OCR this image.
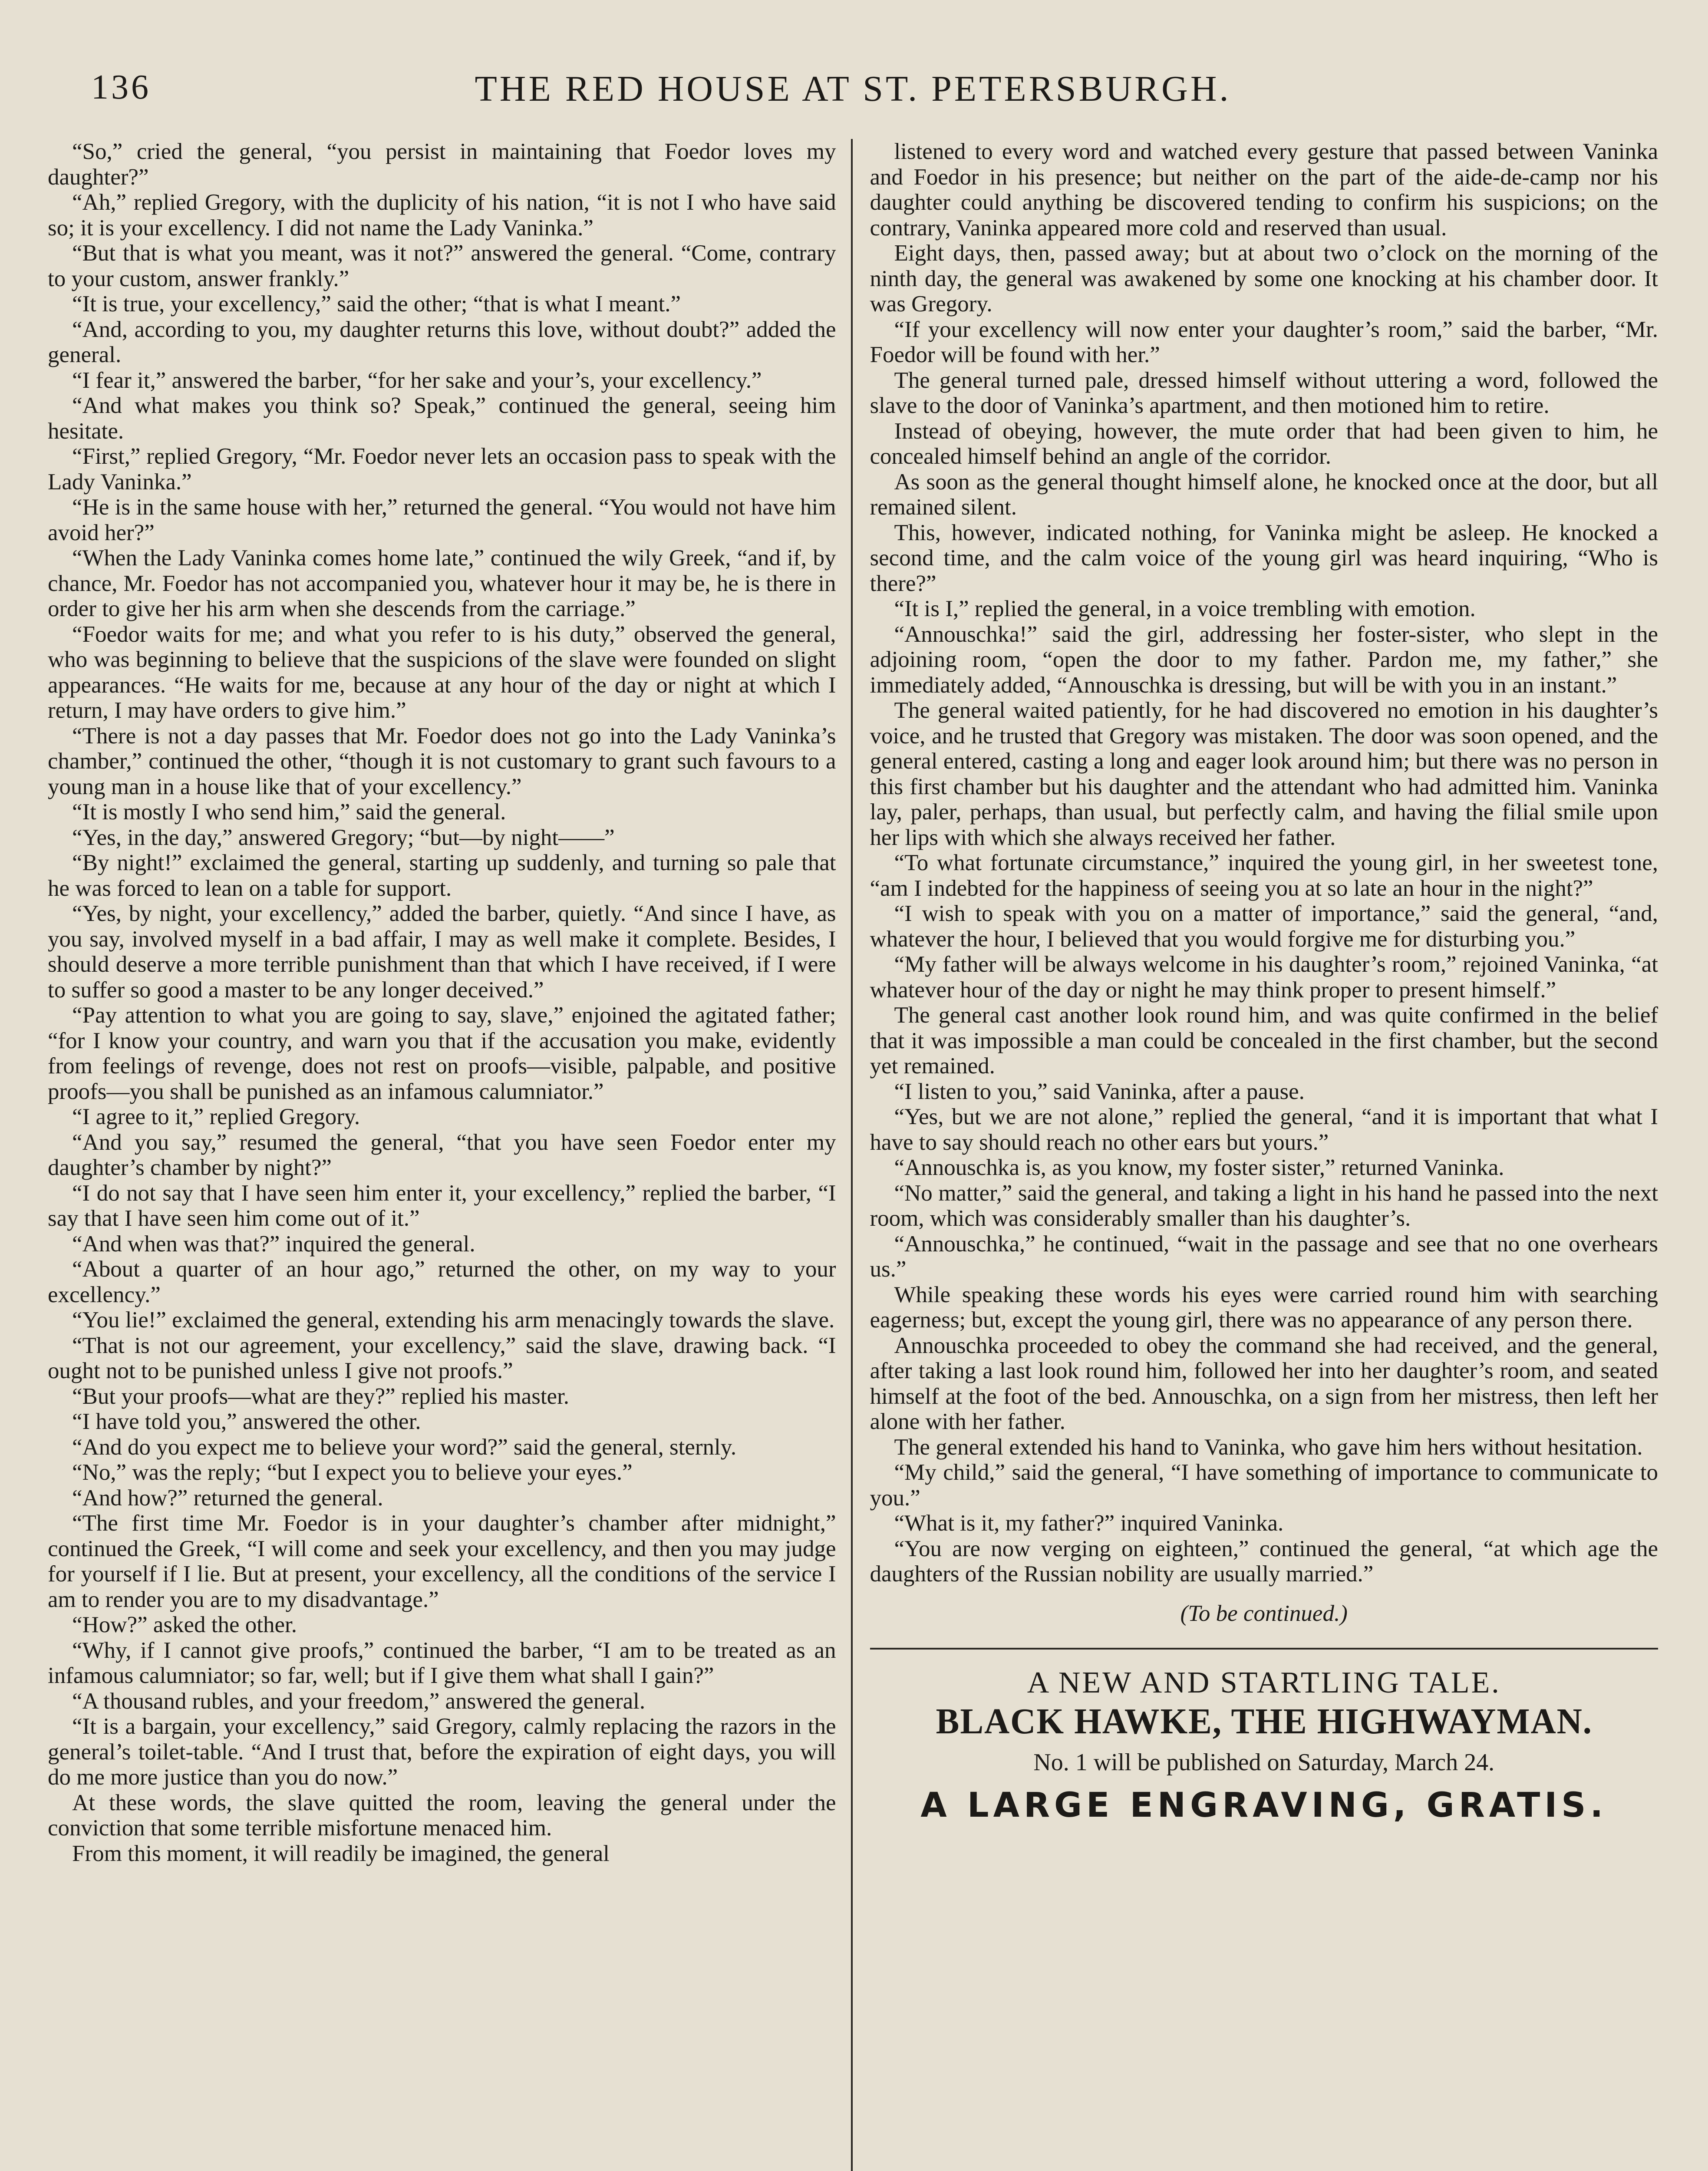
136	THE RED HOUSE AT ST. PETERSBURGH.

“So,” cried the general, “you persist in maintaining that Foedor loves my daughter?”

“Ah,” replied Gregory, with the duplicity of his nation, “it is not I who have said so; it is your excellency. I did not name the Lady Vaninka.”

“But that is what you meant, was it not?” answered the general. “Come, contrary to your custom, answer frankly.”

“It is true, your excellency,” said the other; “that is what I meant.”

“And, according to you, my daughter returns this love, without doubt?” added the general.

“I fear it,” answered the barber, “for her sake and your’s, your excellency.”

“And what makes you think so? Speak,” continued the general, seeing him hesitate.

“First,” replied Gregory, “Mr. Foedor never lets an occasion pass to speak with the Lady Vaninka.”

“He is in the same house with her,” returned the general. “You would not have him avoid her?”

“When the Lady Vaninka comes home late,” continued the wily Greek, “and if, by chance, Mr. Foedor has not accompanied you, whatever hour it may be, he is there in order to give her his arm when she descends from the carriage.”

“Foedor waits for me; and what you refer to is his duty,” observed the general, who was beginning to believe that the suspicions of the slave were founded on slight appearances. “He waits for me, because at any hour of the day or night at which I return, I may have orders to give him.”

“There is not a day passes that Mr. Foedor does not go into the Lady Vaninka’s chamber,” continued the other, “though it is not customary to grant such favours to a young man in a house like that of your excellency.”

“It is mostly I who send him,” said the general.

“Yes, in the day,” answered Gregory; “but—by night——”

“By night!” exclaimed the general, starting up suddenly, and turning so pale that he was forced to lean on a table for support.

“Yes, by night, your excellency,” added the barber, quietly. “And since I have, as you say, involved myself in a bad affair, I may as well make it complete. Besides, I should deserve a more terrible punishment than that which I have received, if I were to suffer so good a master to be any longer deceived.”

“Pay attention to what you are going to say, slave,” enjoined the agitated father; “for I know your country, and warn you that if the accusation you make, evidently from feelings of revenge, does not rest on proofs—visible, palpable, and positive proofs—you shall be punished as an infamous calumniator.”

“I agree to it,” replied Gregory.

“And you say,” resumed the general, “that you have seen Foedor enter my daughter’s chamber by night?”

“I do not say that I have seen him enter it, your excellency,” replied the barber, “I say that I have seen him come out of it.”

“And when was that?” inquired the general.

“About a quarter of an hour ago,” returned the other, on my way to your excellency.”

“You lie!” exclaimed the general, extending his arm menacingly towards the slave.

“That is not our agreement, your excellency,” said the slave, drawing back. “I ought not to be punished unless I give not proofs.”

“But your proofs—what are they?” replied his master.

“I have told you,” answered the other.

“And do you expect me to believe your word?” said the general, sternly.

“No,” was the reply; “but I expect you to believe your eyes.”

“And how?” returned the general.

“The first time Mr. Foedor is in your daughter’s chamber after midnight,” continued the Greek, “I will come and seek your excellency, and then you may judge for yourself if I lie. But at present, your excellency, all the conditions of the service I am to render you are to my disadvantage.”

“How?” asked the other.

“Why, if I cannot give proofs,” continued the barber, “I am to be treated as an infamous calumniator; so far, well; but if I give them what shall I gain?”

“A thousand rubles, and your freedom,” answered the general.

“It is a bargain, your excellency,” said Gregory, calmly replacing the razors in the general’s toilet-table. “And I trust that, before the expiration of eight days, you will do me more justice than you do now.”

At these words, the slave quitted the room, leaving the general under the conviction that some terrible misfortune menaced him.

From this moment, it will readily be imagined, the general

listened to every word and watched every gesture that passed between Vaninka and Foedor in his presence; but neither on the part of the aide-de-camp nor his daughter could anything be discovered tending to confirm his suspicions; on the contrary, Vaninka appeared more cold and reserved than usual.

Eight days, then, passed away; but at about two o’clock on the morning of the ninth day, the general was awakened by some one knocking at his chamber door. It was Gregory.

“If your excellency will now enter your daughter’s room,” said the barber, “Mr. Foedor will be found with her.”

The general turned pale, dressed himself without uttering a word, followed the slave to the door of Vaninka’s apartment, and then motioned him to retire.

Instead of obeying, however, the mute order that had been given to him, he concealed himself behind an angle of the corridor.

As soon as the general thought himself alone, he knocked once at the door, but all remained silent.

This, however, indicated nothing, for Vaninka might be asleep. He knocked a second time, and the calm voice of the young girl was heard inquiring, “Who is there?”

“It is I,” replied the general, in a voice trembling with emotion.

“Annouschka!” said the girl, addressing her foster-sister, who slept in the adjoining room, “open the door to my father. Pardon me, my father,” she immediately added, “Annouschka is dressing, but will be with you in an instant.”

The general waited patiently, for he had discovered no emotion in his daughter’s voice, and he trusted that Gregory was mistaken. The door was soon opened, and the general entered, casting a long and eager look around him; but there was no person in this first chamber but his daughter and the attendant who had admitted him. Vaninka lay, paler, perhaps, than usual, but perfectly calm, and having the filial smile upon her lips with which she always received her father.

“To what fortunate circumstance,” inquired the young girl, in her sweetest tone, “am I indebted for the happiness of seeing you at so late an hour in the night?”

“I wish to speak with you on a matter of importance,” said the general, “and, whatever the hour, I believed that you would forgive me for disturbing you.”

“My father will be always welcome in his daughter’s room,” rejoined Vaninka, “at whatever hour of the day or night he may think proper to present himself.”

The general cast another look round him, and was quite confirmed in the belief that it was impossible a man could be concealed in the first chamber, but the second yet remained.

“I listen to you,” said Vaninka, after a pause.

“Yes, but we are not alone,” replied the general, “and it is important that what I have to say should reach no other ears but yours.”

“Annouschka is, as you know, my foster sister,” returned Vaninka.

“No matter,” said the general, and taking a light in his hand he passed into the next room, which was considerably smaller than his daughter’s.

“Annouschka,” he continued, “wait in the passage and see that no one overhears us.”

While speaking these words his eyes were carried round him with searching eagerness; but, except the young girl, there was no appearance of any person there.

Annouschka proceeded to obey the command she had received, and the general, after taking a last look round him, followed her into her daughter’s room, and seated himself at the foot of the bed. Annouschka, on a sign from her mistress, then left her alone with her father.

The general extended his hand to Vaninka, who gave him hers without hesitation.

“My child,” said the general, “I have something of importance to communicate to you.”

“What is it, my father?” inquired Vaninka.

“You are now verging on eighteen,” continued the general, “at which age the daughters of the Russian nobility are usually married.”

(To be continued.)

A NEW AND STARTLING TALE.
BLACK HAWKE, THE HIGHWAYMAN.
No. 1 will be published on Saturday, March 24.
A LARGE ENGRAVING, GRATIS.
